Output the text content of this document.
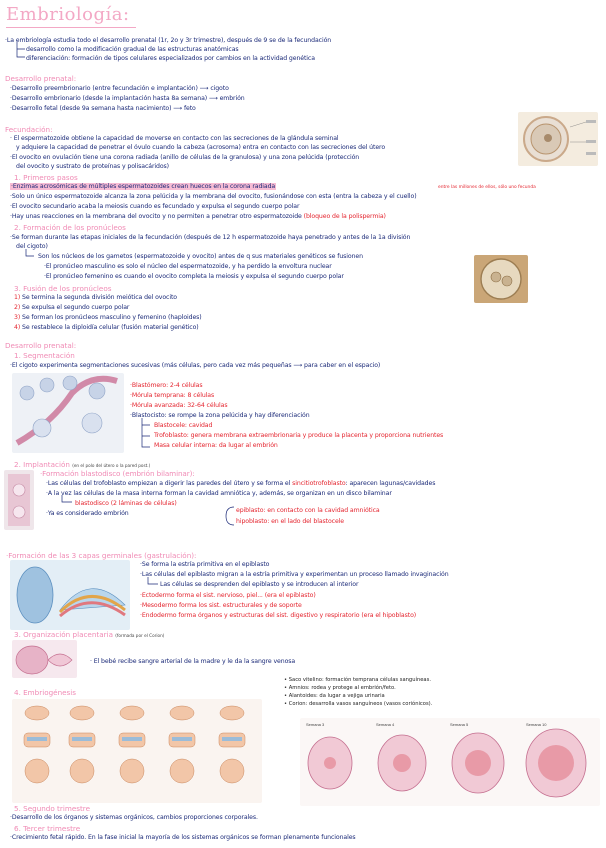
Embriología:
·La embriología estudia todo el desarrollo prenatal (1r, 2o y 3r trimestre), después de 9 se de la fecundación
desarrollo como la modificación gradual de las estructuras anatómicas
diferenciación: formación de tipos celulares especializados por cambios en la actividad genética
Desarrollo prenatal:
·Desarrollo preembrionario (entre fecundación e implantación) ⟶ cigoto
·Desarrollo embrionario (desde la implantación hasta 8a semana) ⟶ embrión
·Desarrollo fetal (desde 9a semana hasta nacimiento) ⟶ feto
Fecundación:
· El espermatozoide obtiene la capacidad de moverse en contacto con las secreciones de la glándula seminal
y adquiere la capacidad de penetrar el óvulo cuando la cabeza (acrosoma) entra en contacto con las secreciones del útero
·El ovocito en ovulación tiene una corona radiada (anillo de células de la granulosa) y una zona pelúcida (protección
del ovocito y sustrato de proteínas y polisacáridos)
1. Primeros pasos
·Enzimas acrosómicas de múltiples espermatozoides crean huecos en la corona radiada	entre las millones de ellos, sólo uno fecunda
·Solo un único espermatozoide alcanza la zona pelúcida y la membrana del ovocito, fusionándose con esta (entra la cabeza y el cuello)
·El ovocito secundario acaba la meiosis cuando es fecundado y expulsa el segundo cuerpo polar
·Hay unas reacciones en la membrana del ovocito y no permiten a penetrar otro espermatozoide (bloqueo de la polispermia)
2. Formación de los pronúcleos
·Se forman durante las etapas iniciales de la fecundación (después de 12 h espermatozoide haya penetrado y antes de la 1a división
del cigoto)
Son los núcleos de los gametos (espermatozoide y ovocito) antes de q sus materiales genéticos se fusionen
·El pronúcleo masculino es solo el núcleo del espermatozoide, y ha perdido la envoltura nuclear
·El pronúcleo femenino es cuando el ovocito completa la meiosis y expulsa el segundo cuerpo polar
3. Fusión de los pronúcleos
1) Se termina la segunda división meiótica del ovocito
2) Se expulsa el segundo cuerpo polar
3) Se forman los pronúcleos masculino y femenino (haploides)
4) Se restablece la diploidía celular (fusión material genético)
Desarrollo prenatal:
1. Segmentación
·El cigoto experimenta segmentaciones sucesivas (más células, pero cada vez más pequeñas ⟶ para caber en el espacio)
·Blastómero: 2-4 células
·Mórula temprana: 8 células
·Mórula avanzada: 32-64 células
·Blastocisto: se rompe la zona pelúcida y hay diferenciación
Blastocele: cavidad
Trofoblasto: genera membrana extraembrionaria y produce la placenta y proporciona nutrientes
Masa celular interna: da lugar al embrión
2. Implantación (en el polo del útero o la pared post.)
·Formación blastodisco (embrión bilaminar):
·Las células del trofoblasto empiezan a digerir las paredes del útero y se forma el sincitiotrofoblasto: aparecen lagunas/cavidades
·A la vez las células de la masa interna forman la cavidad amniótica y, además, se organizan en un disco bilaminar
blastodisco (2 láminas de células)
·Ya es considerado embrión	epiblasto: en contacto con la cavidad amniótica
hipoblasto: en el lado del blastocele
·Formación de las 3 capas germinales (gastrulación):
·Se forma la estría primitiva en el epiblasto
·Las células del epiblasto migran a la estría primitiva y experimentan un proceso llamado invaginación
Las células se desprenden del epiblasto y se introducen al interior
·Ectodermo forma el sist. nervioso, piel... (era el epiblasto)
·Mesodermo forma los sist. estructurales y de soporte
·Endodermo forma órganos y estructuras del sist. digestivo y respiratorio (era el hipoblasto)
3. Organización placentaria (formada por el Corion)
· El bebé recibe sangre arterial de la madre y le da la sangre venosa
• Saco vitelino: formación temprana células sanguíneas.
• Amnios: rodea y protege al embrión/feto.
• Alantoides: da lugar a vejiga urinaria
• Corion: desarrolla vasos sanguíneos (vasos coriónicos).
4. Embriogénesis
Semana 3	Semana 4	Semana 5	Semana 10
5. Segundo trimestre
·Desarrollo de los órganos y sistemas orgánicos, cambios proporciones corporales.
6. Tercer trimestre
·Crecimiento fetal rápido. En la fase inicial la mayoría de los sistemas orgánicos se forman plenamente funcionales
